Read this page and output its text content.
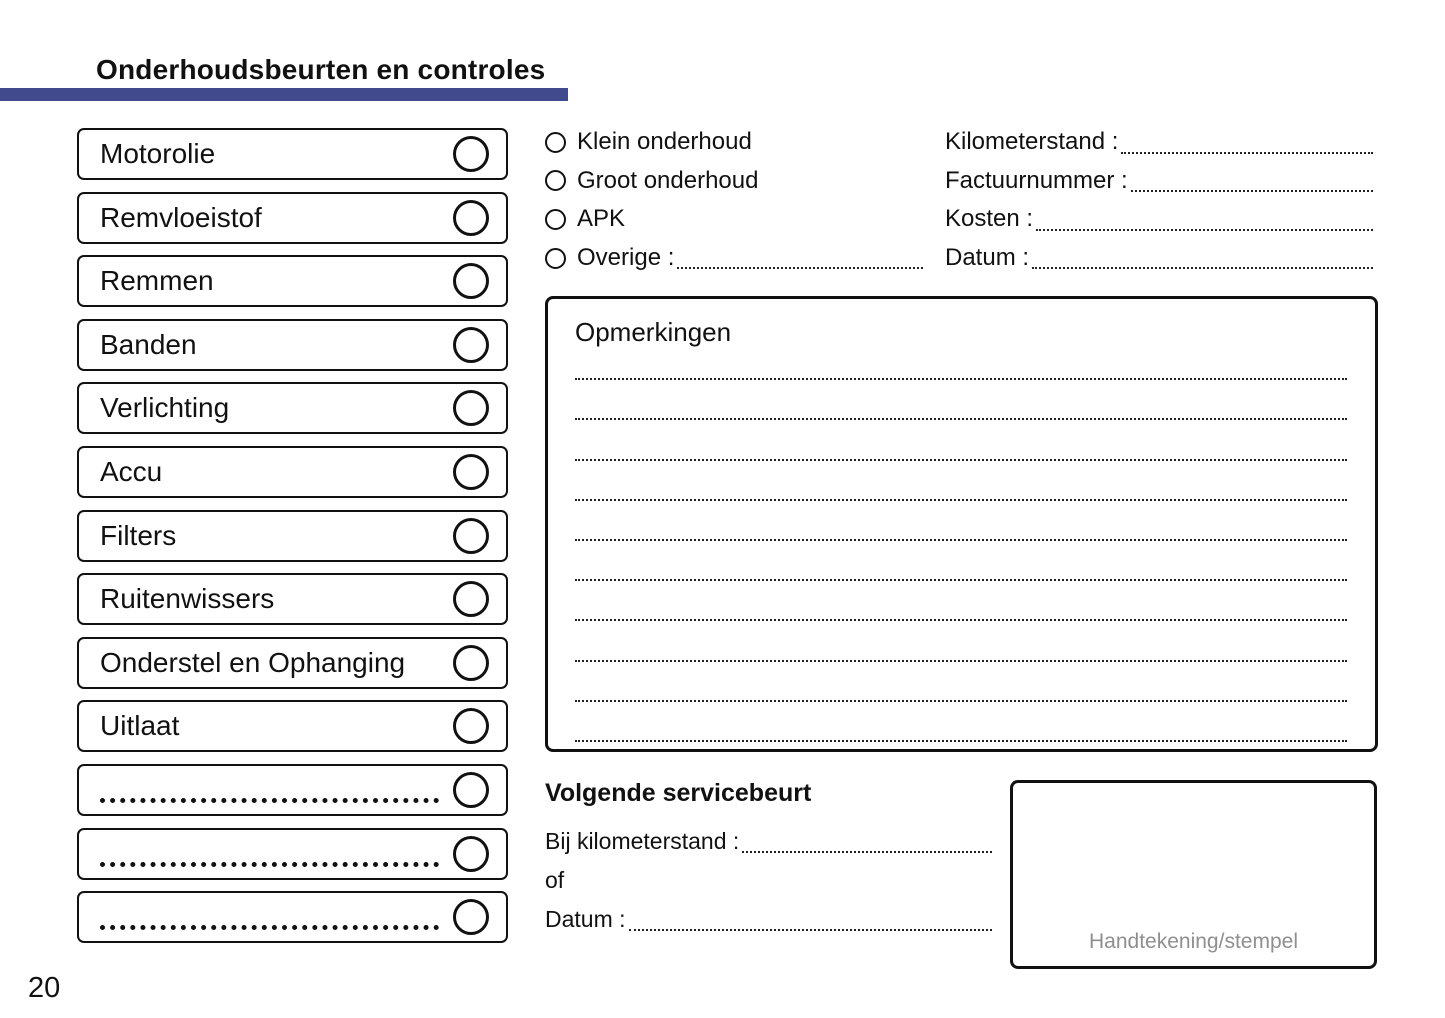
Onderhoudsbeurten en controles
Motorolie
Remvloeistof
Remmen
Banden
Verlichting
Accu
Filters
Ruitenwissers
Onderstel en Ophanging
Uitlaat
Klein onderhoud
Groot onderhoud
APK
Overige :
Kilometerstand :
Factuurnummer :
Kosten :
Datum :
Opmerkingen
Volgende servicebeurt
Bij kilometerstand :
of
Datum :
Handtekening/stempel
20
